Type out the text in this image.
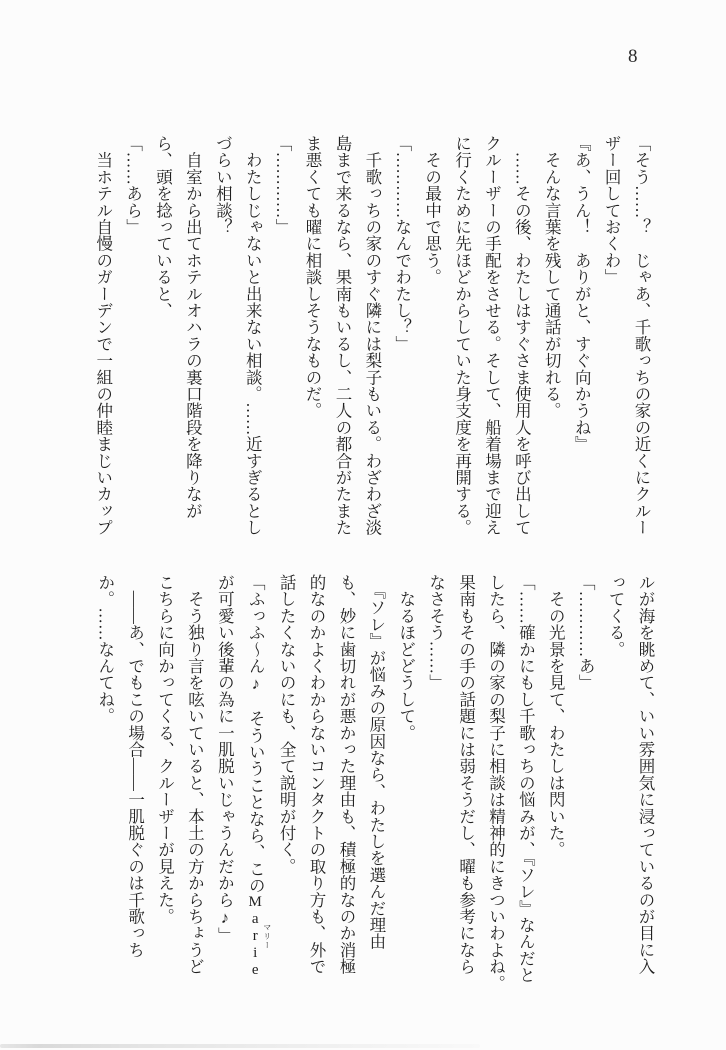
8
「そう……？　じゃあ、千歌っちの家の近くにクルー
ザー回しておくわ」
『あ、うん！　ありがと、すぐ向かうね』
　そんな言葉を残して通話が切れる。
　……その後、わたしはすぐさま使用人を呼び出して
クルーザーの手配をさせる。そして、船着場まで迎え
に行くために先ほどからしていた身支度を再開する。
　その最中で思う。
「…………なんでわたし？」
　千歌っちの家のすぐ隣には梨子もいる。わざわざ淡
島まで来るなら、果南もいるし、二人の都合がたまた
ま悪くても曜に相談しそうなものだ。
「…………」
　わたしじゃないと出来ない相談。……近すぎるとし
づらい相談？
　自室から出てホテルオハラの裏口階段を降りなが
ら、頭を捻っていると、
「……あら」
　当ホテル自慢のガーデンで一組の仲睦まじいカップ
ルが海を眺めて、いい雰囲気に浸っているのが目に入
ってくる。
「…………あ」
　その光景を見て、わたしは閃いた。
「……確かにもし千歌っちの悩みが、『ソレ』なんだと
したら、隣の家の梨子に相談は精神的にきついわよね。
果南もその手の話題には弱そうだし、曜も参考になら
なさそう……」
　なるほどどうして。
　『ソレ』が悩みの原因なら、わたしを選んだ理由
も、妙に歯切れが悪かった理由も、積極的なのか消極
的なのかよくわからないコンタクトの取り方も、外で
話したくないのにも、全て説明が付く。
「ふっふ〜ん♪　そういうことなら、このMarie マリー
が可愛い後輩の為に一肌脱いじゃうんだから♪」
　そう独り言を呟いていると、本土の方からちょうど
こちらに向かってくる、クルーザーが見えた。
　――あ、でもこの場合――一肌脱ぐのは千歌っち
か。……なんてね。
